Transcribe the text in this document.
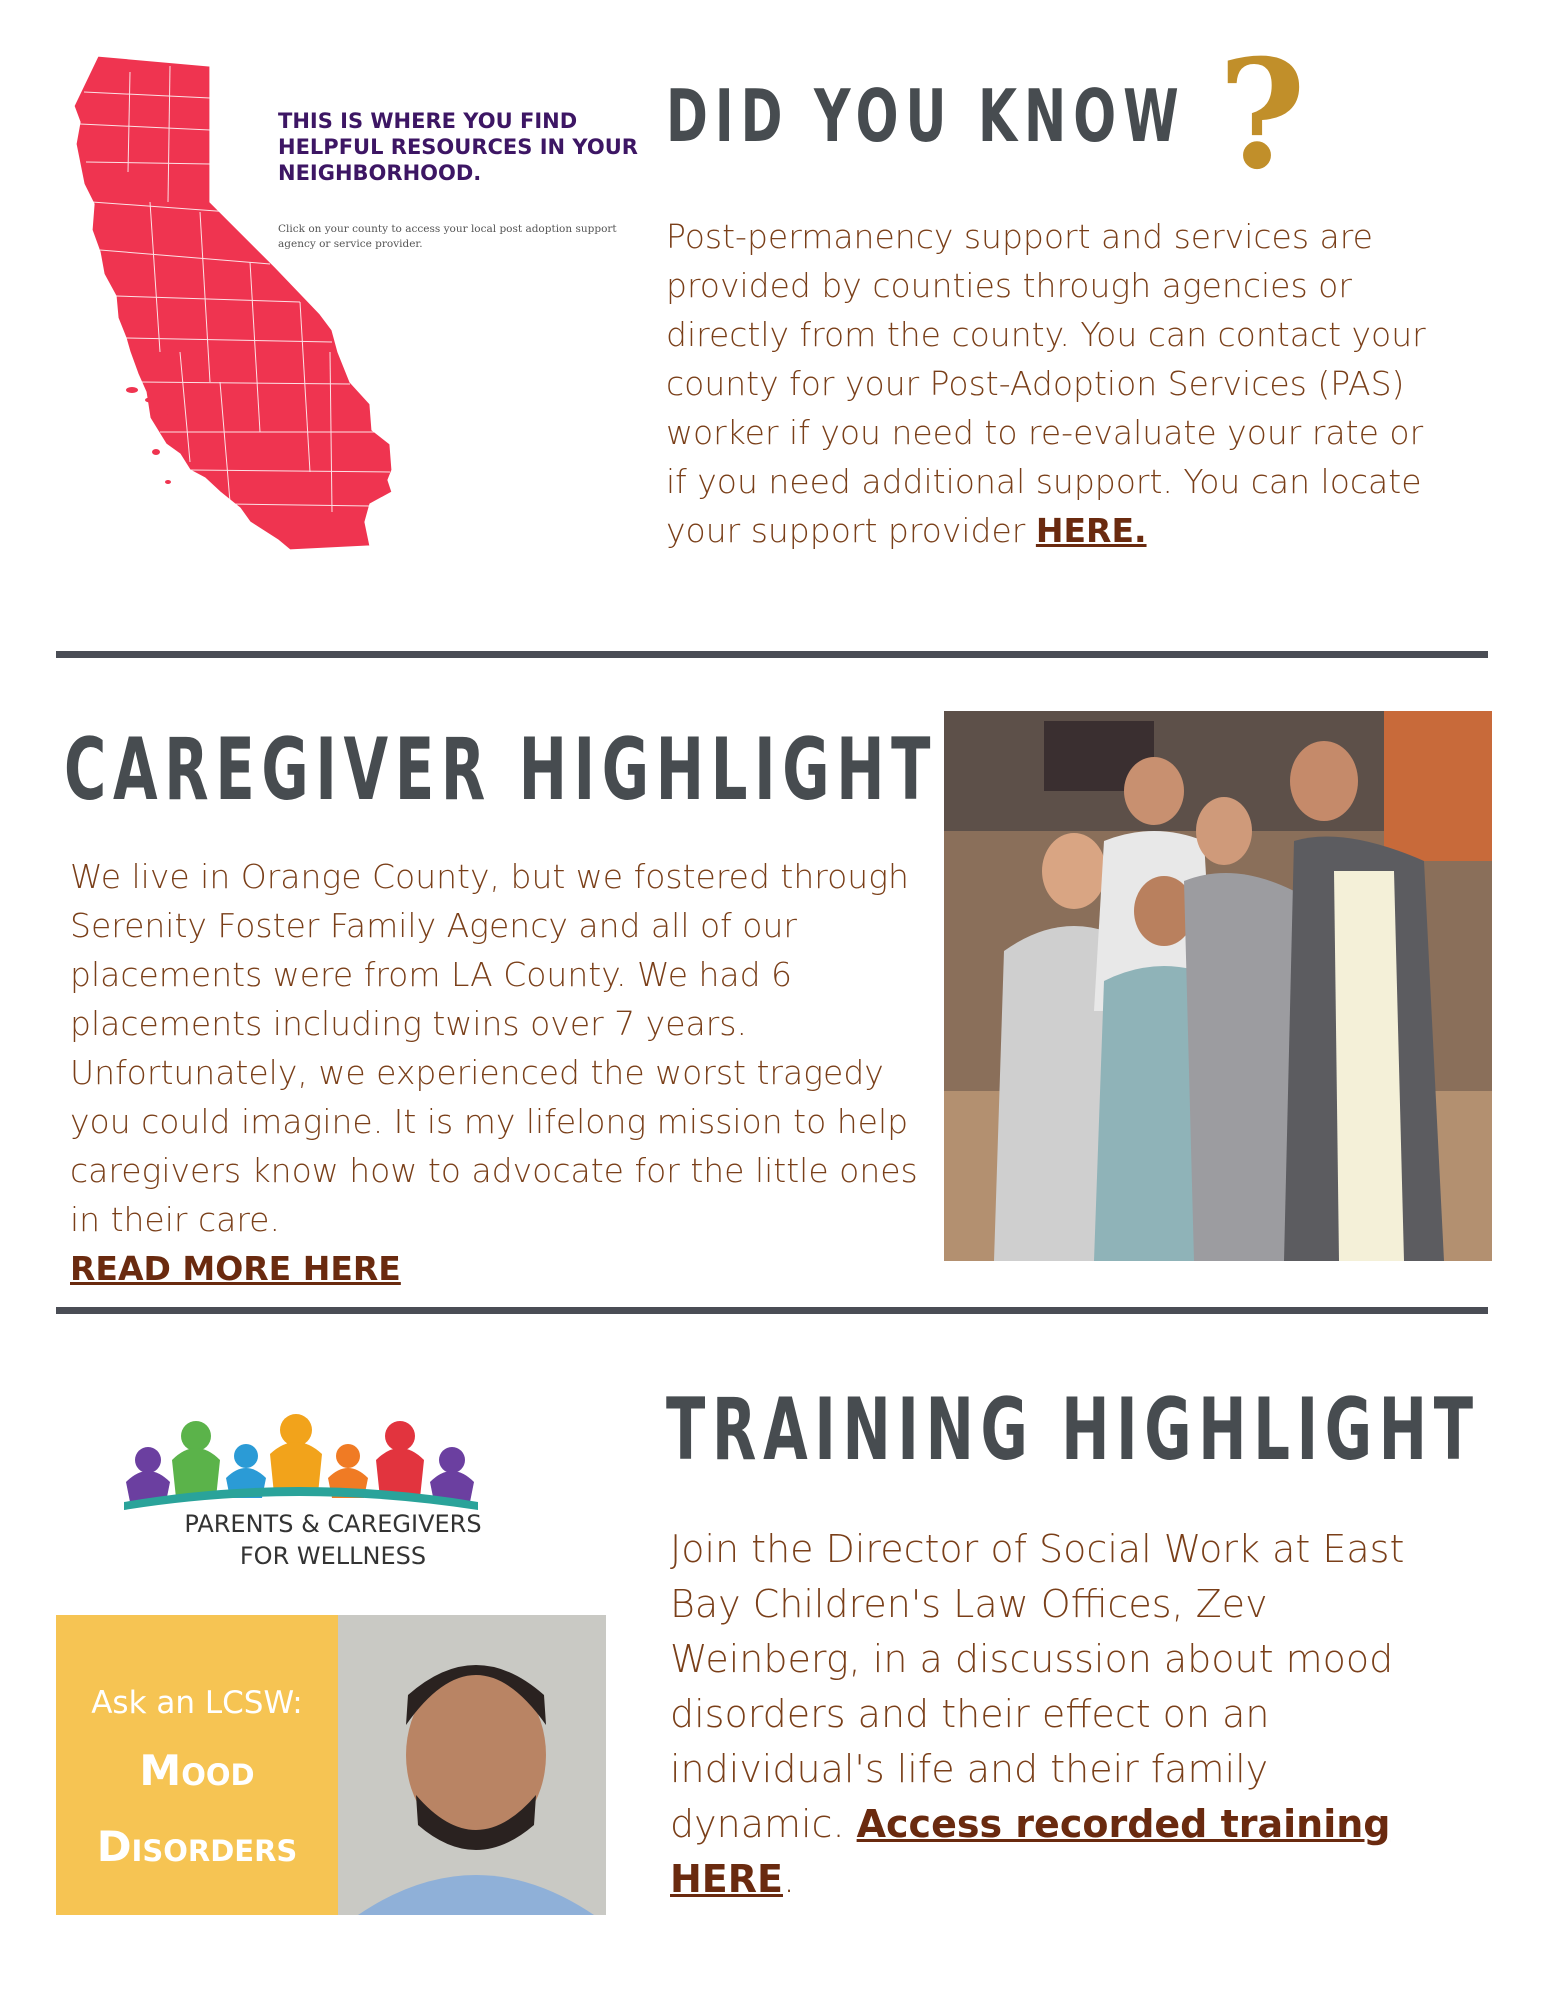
THIS IS WHERE YOU FIND HELPFUL RESOURCES IN YOUR NEIGHBORHOOD.
Click on your county to access your local post adoption support agency or service provider.
DID YOU KNOW ?

Post-permanency support and services are provided by counties through agencies or directly from the county. You can contact your county for your Post-Adoption Services (PAS) worker if you need to re-evaluate your rate or if you need additional support. You can locate your support provider HERE.

CAREGIVER HIGHLIGHT

We live in Orange County, but we fostered through Serenity Foster Family Agency and all of our placements were from LA County. We had 6 placements including twins over 7 years. Unfortunately, we experienced the worst tragedy you could imagine. It is my lifelong mission to help caregivers know how to advocate for the little ones in their care.

READ MORE HERE

PARENTS & CAREGIVERS
FOR WELLNESS
Ask an LCSW:
Mood
Disorders
TRAINING HIGHLIGHT

Join the Director of Social Work at East Bay Children's Law Offices, Zev Weinberg, in a discussion about mood disorders and their effect on an individual's life and their family dynamic. Access recorded training HERE.
